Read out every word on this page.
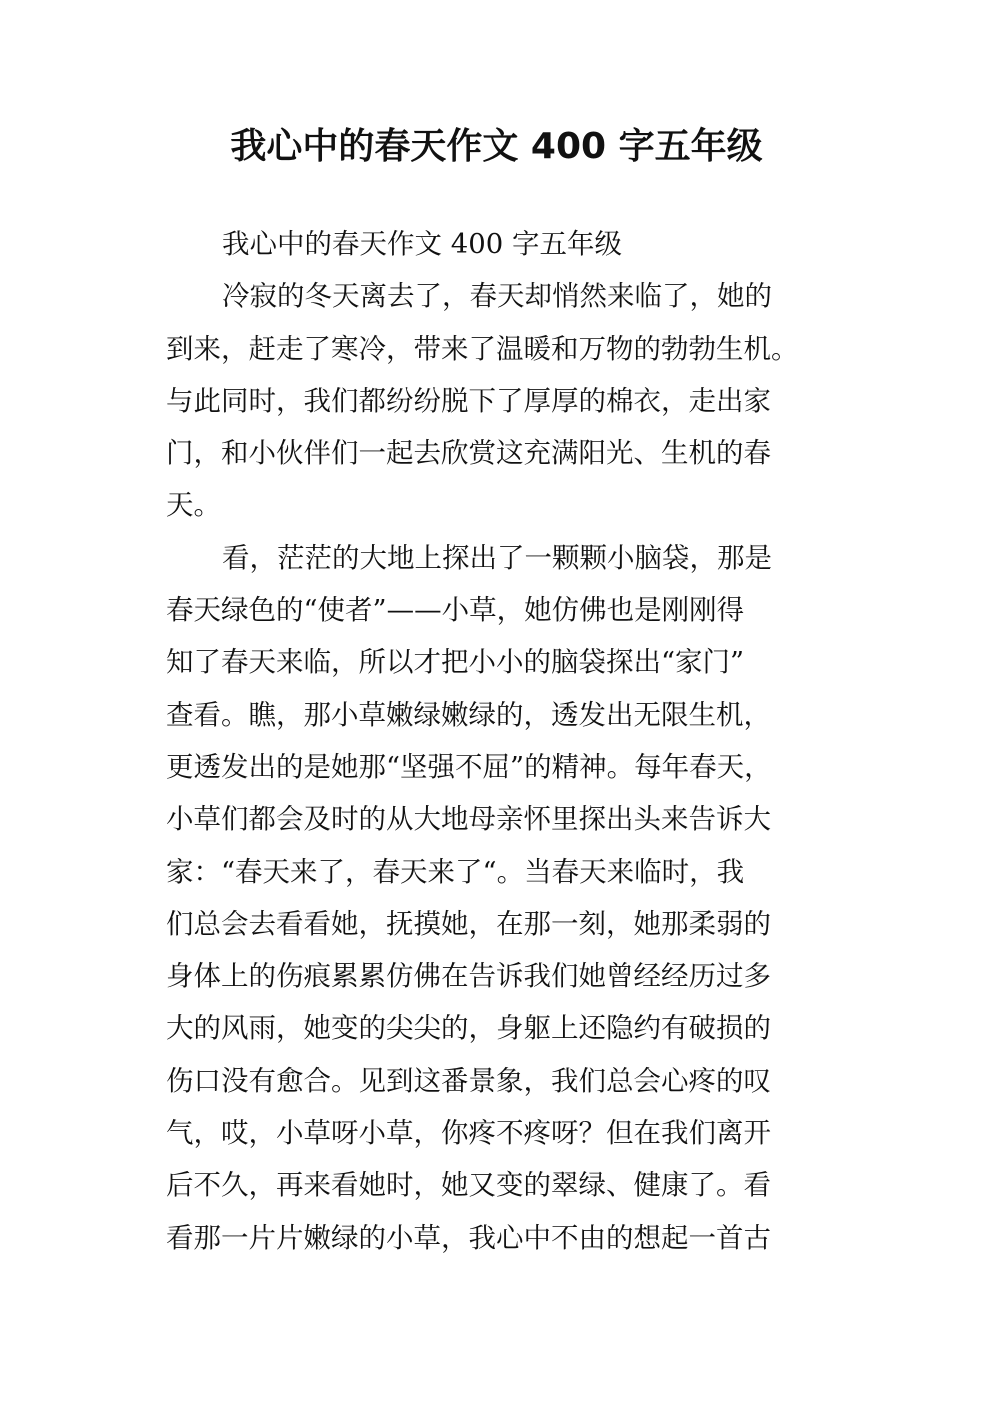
我心中的春天作文 400 字五年级
我心中的春天作文 400 字五年级
冷寂的冬天离去了，春天却悄然来临了，她的
到来，赶走了寒冷，带来了温暖和万物的勃勃生机。
与此同时，我们都纷纷脱下了厚厚的棉衣，走出家
门，和小伙伴们一起去欣赏这充满阳光、生机的春
天。
看，茫茫的大地上探出了一颗颗小脑袋，那是
春天绿色的“使者”——小草，她仿佛也是刚刚得
知了春天来临，所以才把小小的脑袋探出“家门”
查看。瞧，那小草嫩绿嫩绿的，透发出无限生机，
更透发出的是她那“坚强不屈”的精神。每年春天，
小草们都会及时的从大地母亲怀里探出头来告诉大
家：“春天来了，春天来了“。当春天来临时，我
们总会去看看她，抚摸她，在那一刻，她那柔弱的
身体上的伤痕累累仿佛在告诉我们她曾经经历过多
大的风雨，她变的尖尖的，身躯上还隐约有破损的
伤口没有愈合。见到这番景象，我们总会心疼的叹
气，哎，小草呀小草，你疼不疼呀？但在我们离开
后不久，再来看她时，她又变的翠绿、健康了。看
看那一片片嫩绿的小草，我心中不由的想起一首古
